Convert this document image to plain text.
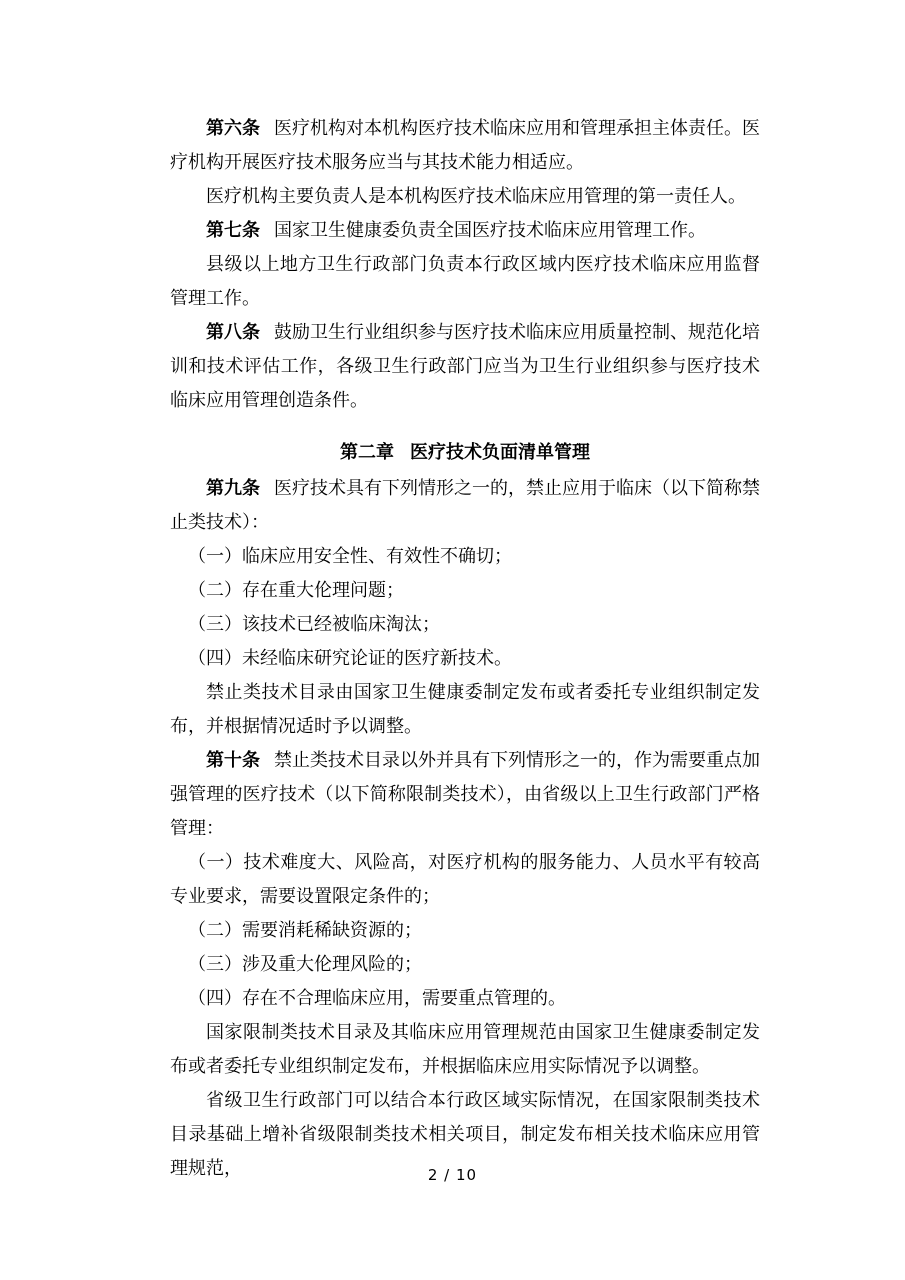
第六条 医疗机构对本机构医疗技术临床应用和管理承担主体责任。医疗机构开展医疗技术服务应当与其技术能力相适应。

医疗机构主要负责人是本机构医疗技术临床应用管理的第一责任人。

第七条 国家卫生健康委负责全国医疗技术临床应用管理工作。

县级以上地方卫生行政部门负责本行政区域内医疗技术临床应用监督管理工作。

第八条 鼓励卫生行业组织参与医疗技术临床应用质量控制、规范化培训和技术评估工作，各级卫生行政部门应当为卫生行业组织参与医疗技术临床应用管理创造条件。

第二章 医疗技术负面清单管理

第九条 医疗技术具有下列情形之一的，禁止应用于临床（以下简称禁止类技术）：

（一）临床应用安全性、有效性不确切；

（二）存在重大伦理问题；

（三）该技术已经被临床淘汰；

（四）未经临床研究论证的医疗新技术。

禁止类技术目录由国家卫生健康委制定发布或者委托专业组织制定发布，并根据情况适时予以调整。

第十条 禁止类技术目录以外并具有下列情形之一的，作为需要重点加强管理的医疗技术（以下简称限制类技术），由省级以上卫生行政部门严格管理：

（一）技术难度大、风险高，对医疗机构的服务能力、人员水平有较高专业要求，需要设置限定条件的；

（二）需要消耗稀缺资源的；

（三）涉及重大伦理风险的；

（四）存在不合理临床应用，需要重点管理的。

国家限制类技术目录及其临床应用管理规范由国家卫生健康委制定发布或者委托专业组织制定发布，并根据临床应用实际情况予以调整。

省级卫生行政部门可以结合本行政区域实际情况，在国家限制类技术目录基础上增补省级限制类技术相关项目，制定发布相关技术临床应用管理规范，	2 / 10
